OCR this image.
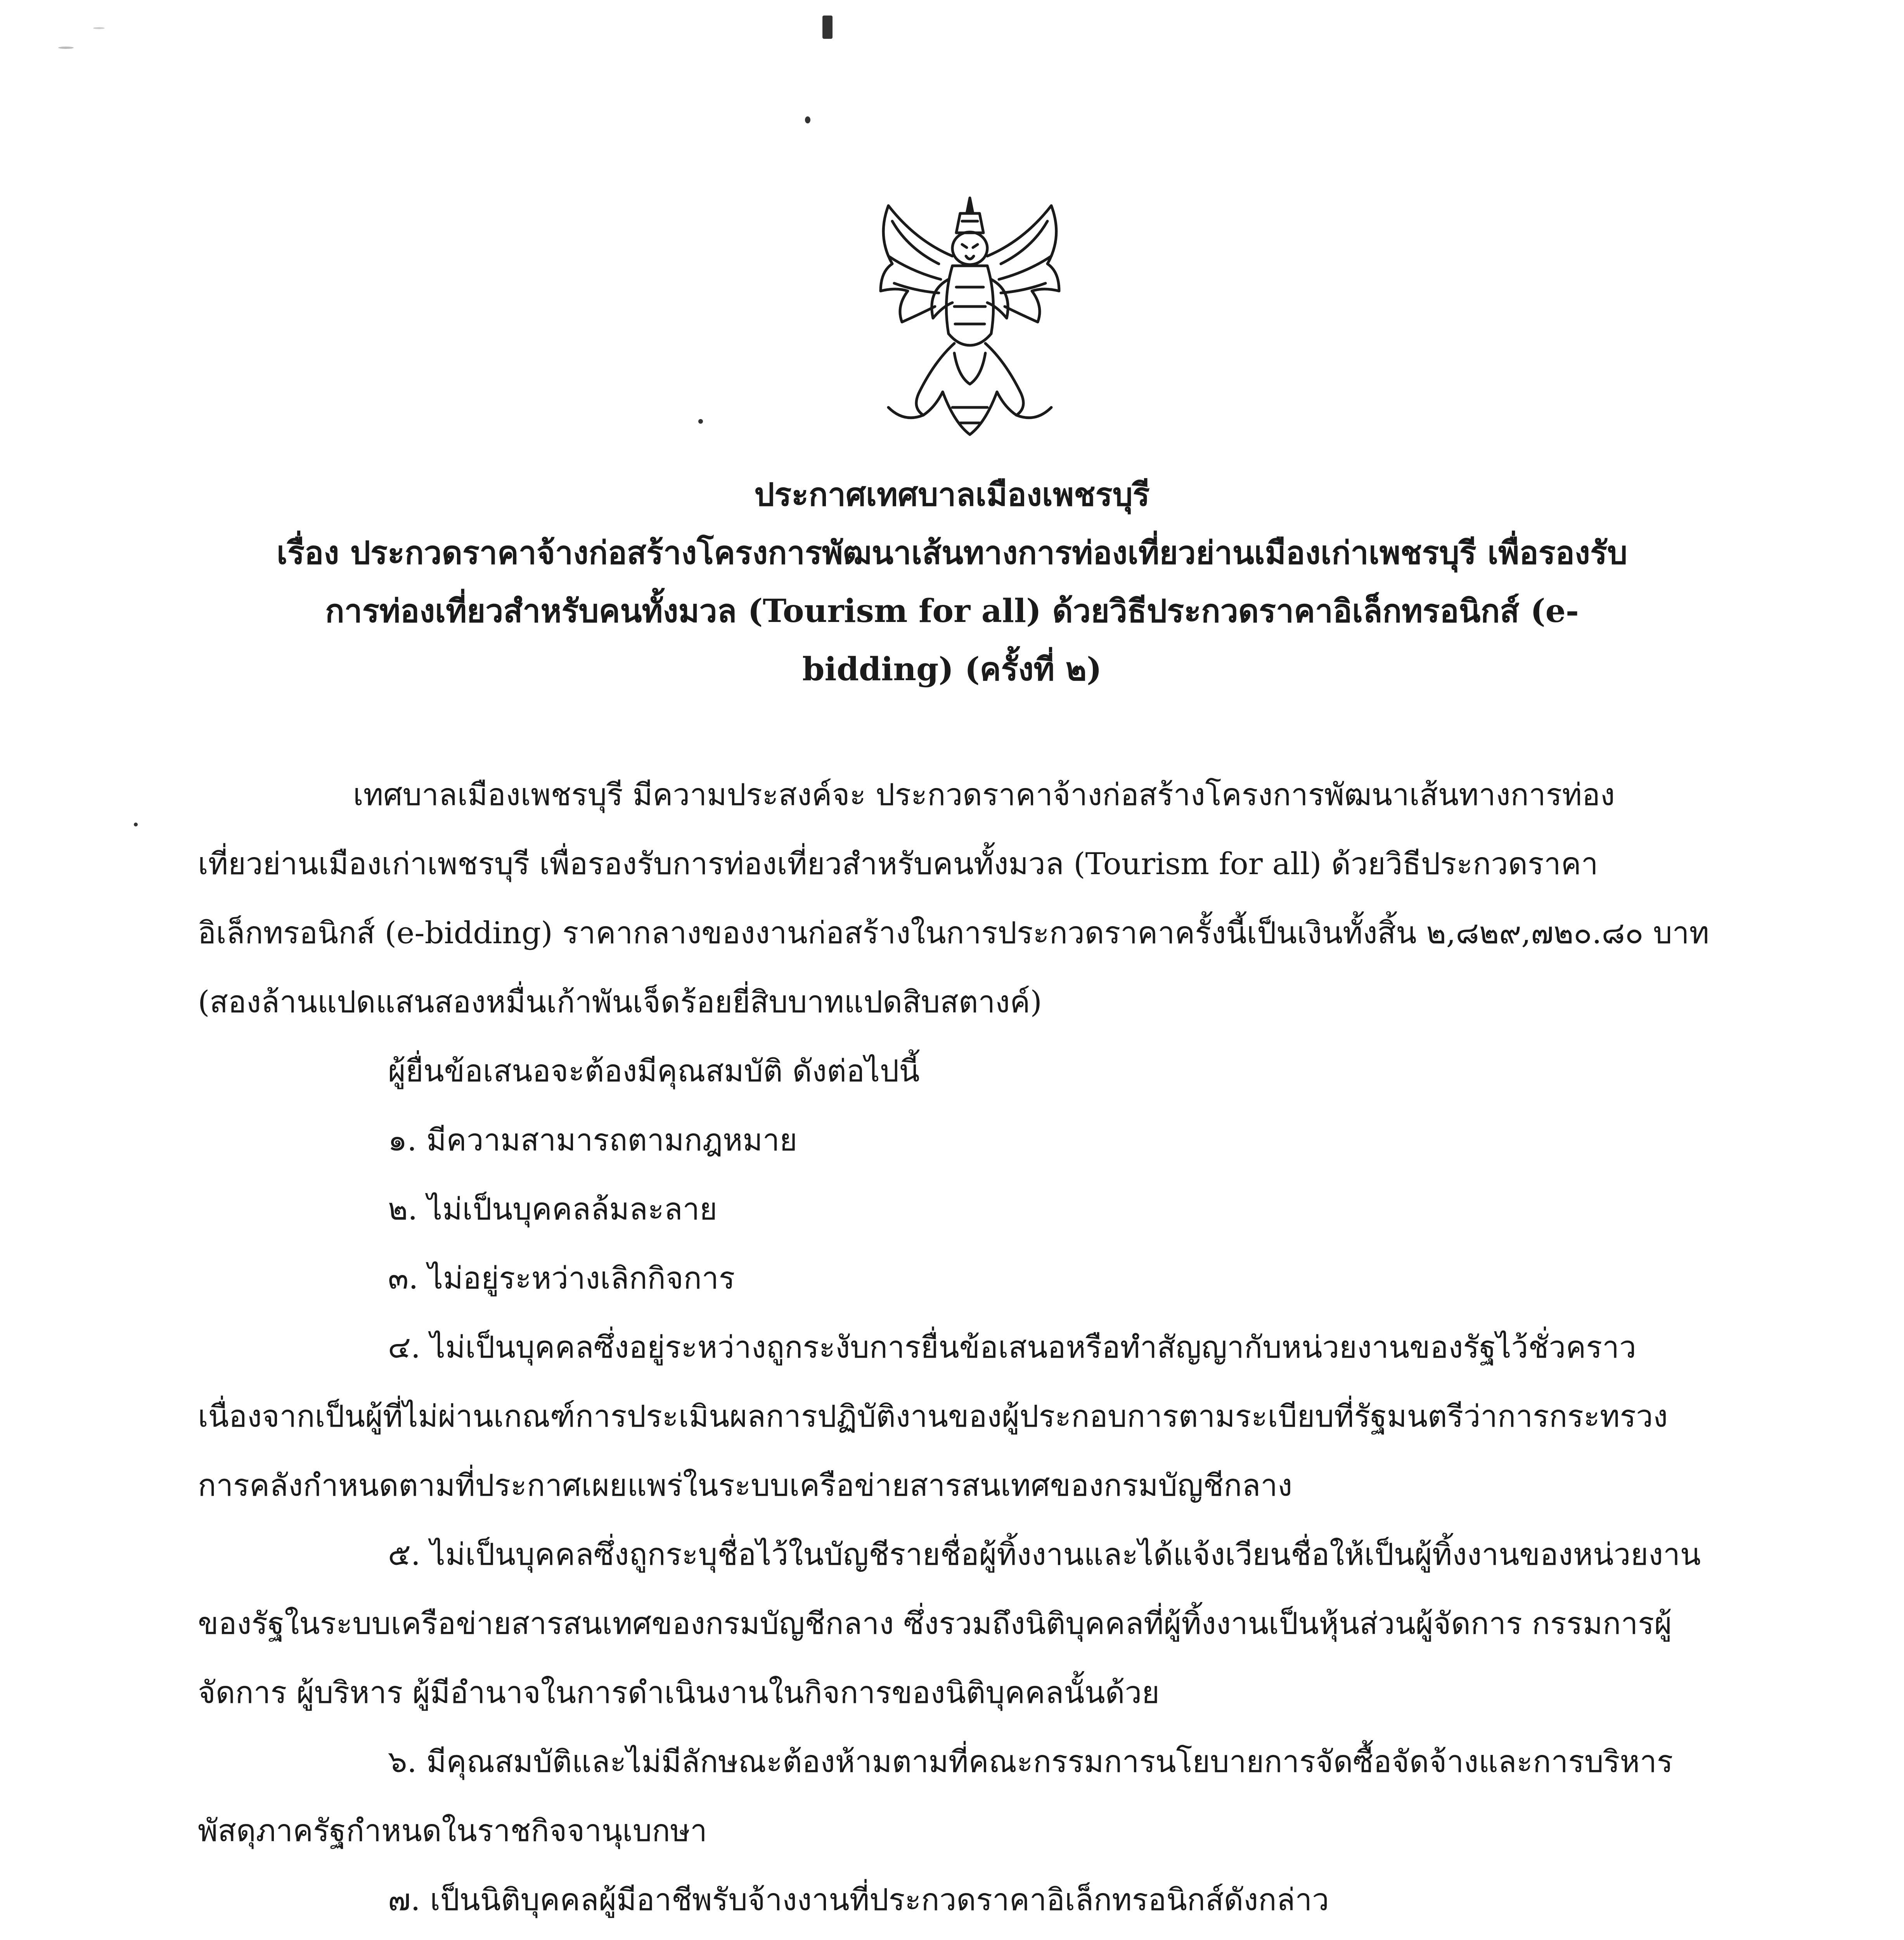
ประกาศเทศบาลเมืองเพชรบุรี
เรื่อง ประกวดราคาจ้างก่อสร้างโครงการพัฒนาเส้นทางการท่องเที่ยวย่านเมืองเก่าเพชรบุรี เพื่อรองรับ
การท่องเที่ยวสำหรับคนทั้งมวล (Tourism for all) ด้วยวิธีประกวดราคาอิเล็กทรอนิกส์ (e-
bidding) (ครั้งที่ ๒)
เทศบาลเมืองเพชรบุรี มีความประสงค์จะ ประกวดราคาจ้างก่อสร้างโครงการพัฒนาเส้นทางการท่อง
เที่ยวย่านเมืองเก่าเพชรบุรี เพื่อรองรับการท่องเที่ยวสำหรับคนทั้งมวล (Tourism for all) ด้วยวิธีประกวดราคา
อิเล็กทรอนิกส์ (e-bidding) ราคากลางของงานก่อสร้างในการประกวดราคาครั้งนี้เป็นเงินทั้งสิ้น ๒,๘๒๙,๗๒๐.๘๐ บาท
(สองล้านแปดแสนสองหมื่นเก้าพันเจ็ดร้อยยี่สิบบาทแปดสิบสตางค์)
ผู้ยื่นข้อเสนอจะต้องมีคุณสมบัติ ดังต่อไปนี้
๑. มีความสามารถตามกฎหมาย
๒. ไม่เป็นบุคคลล้มละลาย
๓. ไม่อยู่ระหว่างเลิกกิจการ
๔. ไม่เป็นบุคคลซึ่งอยู่ระหว่างถูกระงับการยื่นข้อเสนอหรือทำสัญญากับหน่วยงานของรัฐไว้ชั่วคราว
เนื่องจากเป็นผู้ที่ไม่ผ่านเกณฑ์การประเมินผลการปฏิบัติงานของผู้ประกอบการตามระเบียบที่รัฐมนตรีว่าการกระทรวง
การคลังกำหนดตามที่ประกาศเผยแพร่ในระบบเครือข่ายสารสนเทศของกรมบัญชีกลาง
๕. ไม่เป็นบุคคลซึ่งถูกระบุชื่อไว้ในบัญชีรายชื่อผู้ทิ้งงานและได้แจ้งเวียนชื่อให้เป็นผู้ทิ้งงานของหน่วยงาน
ของรัฐในระบบเครือข่ายสารสนเทศของกรมบัญชีกลาง ซึ่งรวมถึงนิติบุคคลที่ผู้ทิ้งงานเป็นหุ้นส่วนผู้จัดการ กรรมการผู้
จัดการ ผู้บริหาร ผู้มีอำนาจในการดำเนินงานในกิจการของนิติบุคคลนั้นด้วย
๖. มีคุณสมบัติและไม่มีลักษณะต้องห้ามตามที่คณะกรรมการนโยบายการจัดซื้อจัดจ้างและการบริหาร
พัสดุภาครัฐกำหนดในราชกิจจานุเบกษา
๗. เป็นนิติบุคคลผู้มีอาชีพรับจ้างงานที่ประกวดราคาอิเล็กทรอนิกส์ดังกล่าว
